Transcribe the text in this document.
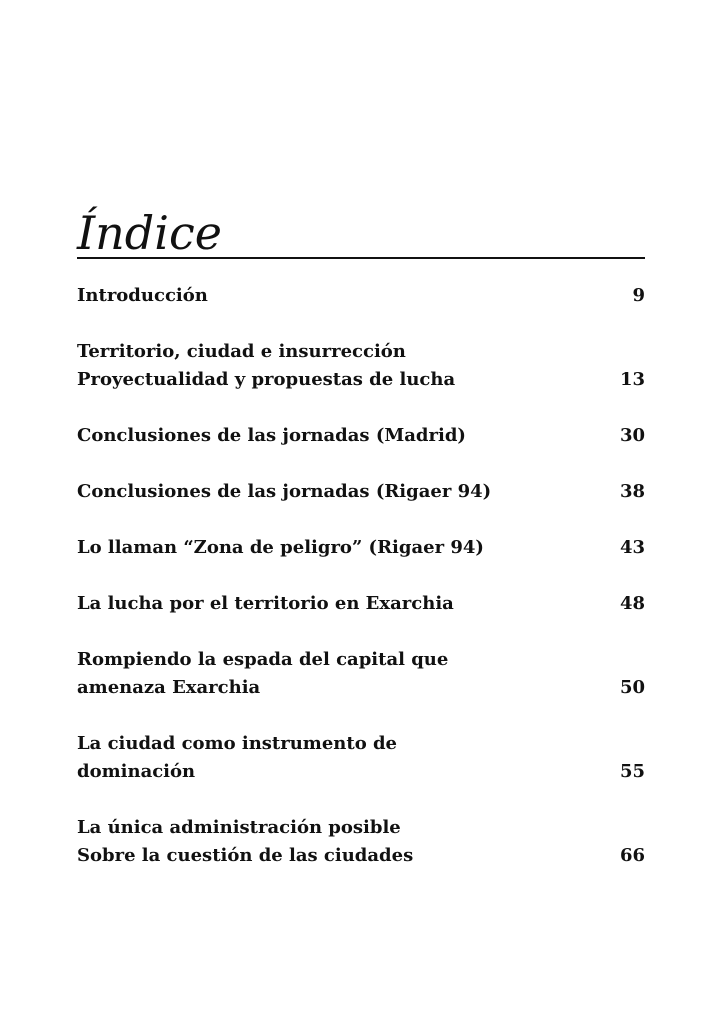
Índice
Introducción	9
Territorio, ciudad e insurrección
Proyectualidad y propuestas de lucha	13
Conclusiones de las jornadas (Madrid)	30
Conclusiones de las jornadas (Rigaer 94)	38
Lo llaman “Zona de peligro” (Rigaer 94)	43
La lucha por el territorio en Exarchia	48
Rompiendo la espada del capital que
amenaza Exarchia	50
La ciudad como instrumento de
dominación	55
La única administración posible
Sobre la cuestión de las ciudades	66
